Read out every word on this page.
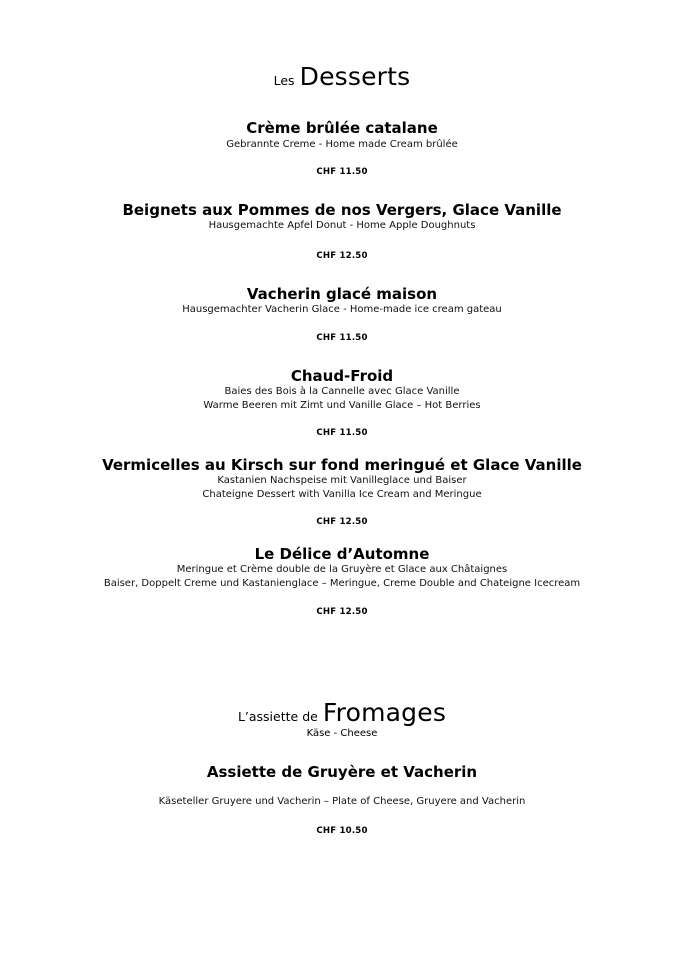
Les Desserts
Crème brûlée catalane
Gebrannte Creme - Home made Cream brûlée
CHF 11.50
Beignets aux Pommes de nos Vergers, Glace Vanille
Hausgemachte Apfel Donut - Home Apple Doughnuts
CHF 12.50
Vacherin glacé maison
Hausgemachter Vacherin Glace - Home-made ice cream gateau
CHF 11.50
Chaud-Froid
Baies des Bois à la Cannelle avec Glace Vanille
Warme Beeren mit Zimt und Vanille Glace – Hot Berries
CHF 11.50
Vermicelles au Kirsch sur fond meringué et Glace Vanille
Kastanien Nachspeise mit Vanilleglace und Baiser
Chateigne Dessert with Vanilla Ice Cream and Meringue
CHF 12.50
Le Délice d’Automne
Meringue et Crème double de la Gruyère et Glace aux Châtaignes
Baiser, Doppelt Creme und Kastanienglace – Meringue, Creme Double and Chateigne Icecream
CHF 12.50
L’assiette de Fromages
Käse - Cheese
Assiette de Gruyère et Vacherin
Käseteller Gruyere und Vacherin – Plate of Cheese, Gruyere and Vacherin
CHF 10.50
